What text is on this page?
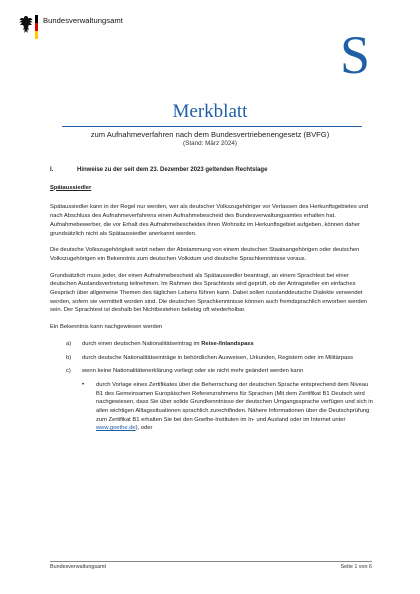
Bundesverwaltungsamt
S
Merkblatt
zum Aufnahmeverfahren nach dem Bundesvertriebenengesetz (BVFG)
(Stand: März 2024)
I.	Hinweise zu der seit dem 23. Dezember 2023 geltenden Rechtslage
Spätaussiedler

Spätaussiedler kann in der Regel nur werden, wer als deutscher Volkszugehöriger vor Verlassen des Herkunftsgebietes und nach Abschluss des Aufnahmeverfahrens einen Aufnahmebescheid des Bundesverwaltungsamtes erhalten hat. Aufnahmebewerber, die vor Erhalt des Aufnahmebescheides ihren Wohnsitz im Herkunftsgebiet aufgeben, können daher grundsätzlich nicht als Spätaussiedler anerkannt werden.

Die deutsche Volkszugehörigkeit setzt neben der Abstammung von einem deutschen Staatsangehörigen oder deutschen Volkszugehörigen ein Bekenntnis zum deutschen Volkstum und deutsche Sprachkenntnisse voraus.

Grundsätzlich muss jeder, der einen Aufnahmebescheid als Spätaussiedler beantragt, an einem Sprachtest bei einer deutschen Auslandsvertretung teilnehmen. Im Rahmen des Sprachtests wird geprüft, ob der Antragsteller ein einfaches Gespräch über allgemeine Themen des täglichen Lebens führen kann. Dabei sollen russlanddeutsche Dialekte verwendet werden, sofern sie vermittelt worden sind. Die deutschen Sprachkenntnisse können auch fremdsprachlich erworben werden sein. Der Sprachtest ist deshalb bei Nichtbestehen beliebig oft wiederholbar.

Ein Bekenntnis kann nachgewiesen werden

a)	durch einen deutschen Nationalitätseintrag im Reise-/Inlandspass
b)	durch deutsche Nationalitätseinträge in behördlichen Ausweisen, Urkunden, Registern oder im Militärpass
c)	wenn keine Nationalitätenerklärung vorliegt oder sie nicht mehr geändert werden kann
•	durch Vorlage eines Zertifikates über die Beherrschung der deutschen Sprache entsprechend dem Niveau B1 des Gemeinsamen Europäischen Referenzrahmens für Sprachen (Mit dem Zertifikat B1 Deutsch wird nachgewiesen, dass Sie über solide Grundkenntnisse der deutschen Umgangssprache verfügen und sich in allen wichtigen Alltagssituationen sprachlich zurechtfinden. Nähere Informationen über die Deutschprüfung zum Zertifikat B1 erhalten Sie bei den Goethe-Instituten im In- und Ausland oder im Internet unter www.goethe.de), oder
Bundesverwaltungsamt	Seite 1 von 6
